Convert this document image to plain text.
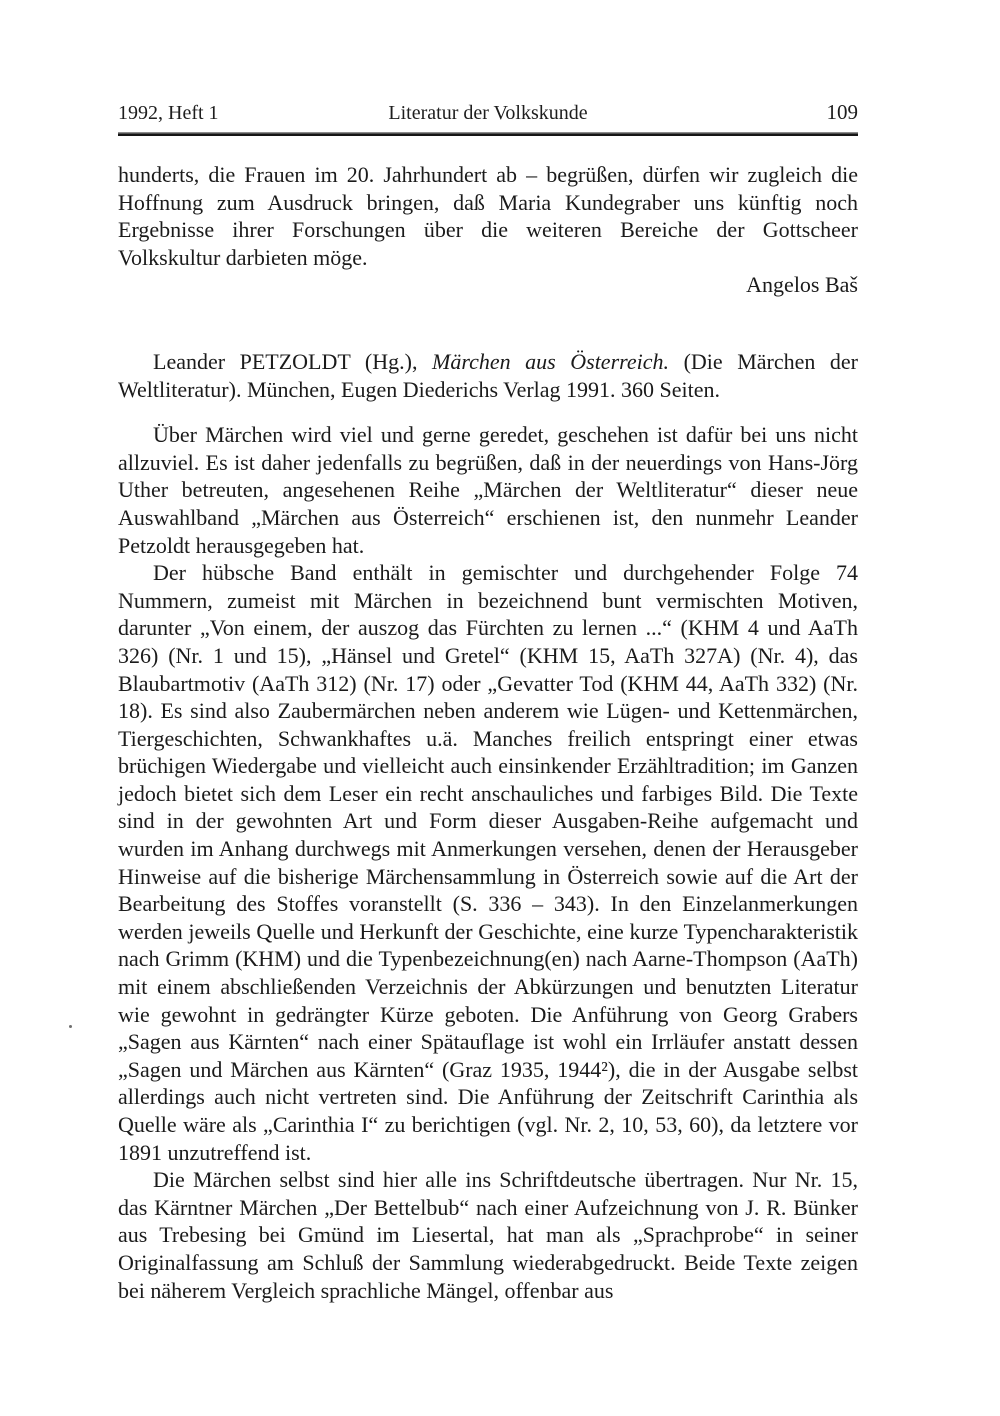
1992, Heft 1	Literatur der Volkskunde	109

hunderts, die Frauen im 20. Jahrhundert ab – begrüßen, dürfen wir zugleich die Hoffnung zum Ausdruck bringen, daß Maria Kundegraber uns künftig noch Ergebnisse ihrer Forschungen über die weiteren Bereiche der Gottscheer Volkskultur darbieten möge.

Angelos Baš

Leander PETZOLDT (Hg.), Märchen aus Österreich. (Die Märchen der Weltliteratur). München, Eugen Diederichs Verlag 1991. 360 Seiten.

Über Märchen wird viel und gerne geredet, geschehen ist dafür bei uns nicht allzuviel. Es ist daher jedenfalls zu begrüßen, daß in der neuerdings von Hans-Jörg Uther betreuten, angesehenen Reihe „Märchen der Weltliteratur“ dieser neue Auswahlband „Märchen aus Österreich“ erschienen ist, den nunmehr Leander Petzoldt herausgegeben hat.

Der hübsche Band enthält in gemischter und durchgehender Folge 74 Nummern, zumeist mit Märchen in bezeichnend bunt vermischten Motiven, darunter „Von einem, der auszog das Fürchten zu lernen ...“ (KHM 4 und AaTh 326) (Nr. 1 und 15), „Hänsel und Gretel“ (KHM 15, AaTh 327A) (Nr. 4), das Blaubartmotiv (AaTh 312) (Nr. 17) oder „Gevatter Tod (KHM 44, AaTh 332) (Nr. 18). Es sind also Zaubermärchen neben anderem wie Lügen- und Kettenmärchen, Tiergeschichten, Schwankhaftes u.ä. Manches freilich entspringt einer etwas brüchigen Wiedergabe und vielleicht auch einsinkender Erzähltradition; im Ganzen jedoch bietet sich dem Leser ein recht anschauliches und farbiges Bild. Die Texte sind in der gewohnten Art und Form dieser Ausgaben-Reihe aufgemacht und wurden im Anhang durchwegs mit Anmerkungen versehen, denen der Herausgeber Hinweise auf die bisherige Märchensammlung in Österreich sowie auf die Art der Bearbeitung des Stoffes voranstellt (S. 336 – 343). In den Einzelanmerkungen werden jeweils Quelle und Herkunft der Geschichte, eine kurze Typencharakteristik nach Grimm (KHM) und die Typenbezeichnung(en) nach Aarne-Thompson (AaTh) mit einem abschließenden Verzeichnis der Abkürzungen und benutzten Literatur wie gewohnt in gedrängter Kürze geboten. Die Anführung von Georg Grabers „Sagen aus Kärnten“ nach einer Spätauflage ist wohl ein Irrläufer anstatt dessen „Sagen und Märchen aus Kärnten“ (Graz 1935, 1944²), die in der Ausgabe selbst allerdings auch nicht vertreten sind. Die Anführung der Zeitschrift Carinthia als Quelle wäre als „Carinthia I“ zu berichtigen (vgl. Nr. 2, 10, 53, 60), da letztere vor 1891 unzutreffend ist.

Die Märchen selbst sind hier alle ins Schriftdeutsche übertragen. Nur Nr. 15, das Kärntner Märchen „Der Bettelbub“ nach einer Aufzeichnung von J. R. Bünker aus Trebesing bei Gmünd im Liesertal, hat man als „Sprachprobe“ in seiner Originalfassung am Schluß der Sammlung wiederabgedruckt. Beide Texte zeigen bei näherem Vergleich sprachliche Mängel, offenbar aus
